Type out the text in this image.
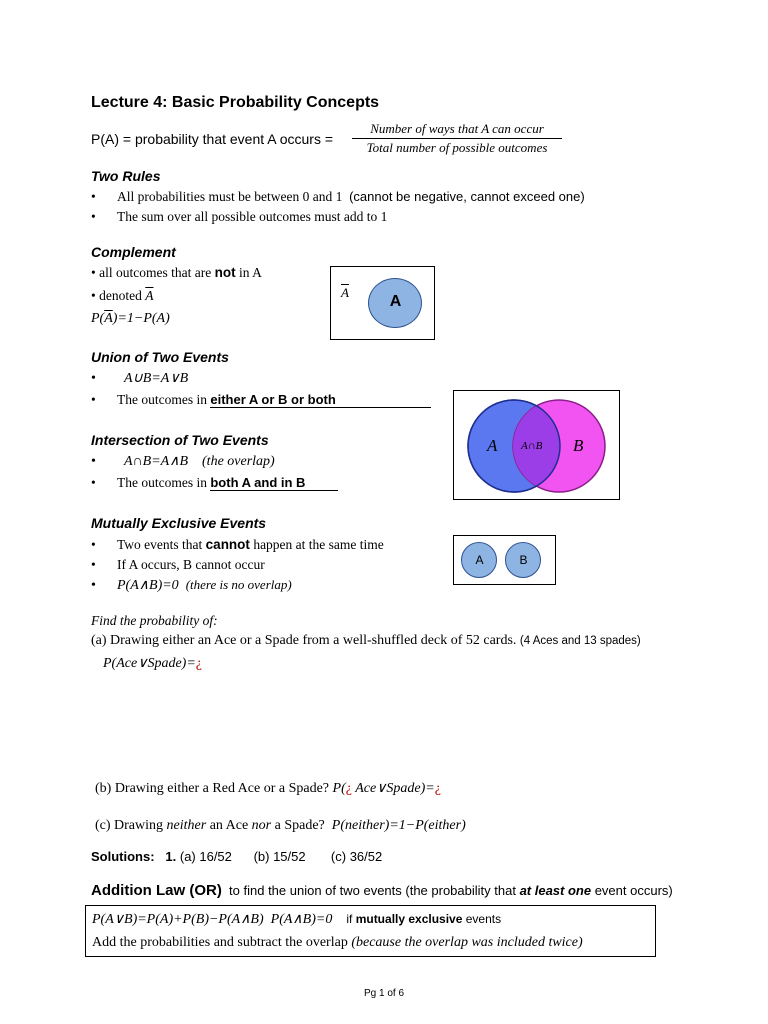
Lecture 4: Basic Probability Concepts
P(A) = probability that event A occurs =
Number of ways that A can occur
Total number of possible outcomes
Two Rules
• All probabilities must be between 0 and 1 (cannot be negative, cannot exceed one)
• The sum over all possible outcomes must add to 1
Complement
• all outcomes that are not in A
• denoted $\overline{A}$
$P(\overline{A})=1-P(A)$
$\overline{A}$
A
Union of Two Events
• A∪B=A∨B
• The outcomes in either A or B or both
A A∩B B
Intersection of Two Events
• A∩B=A∧B (the overlap)
• The outcomes in both A and in B
Mutually Exclusive Events
• Two events that cannot happen at the same time
• If A occurs, B cannot occur
• P(A∧B)=0 (there is no overlap)
A	B
Find the probability of:
(a) Drawing either an Ace or a Spade from a well-shuffled deck of 52 cards. (4 Aces and 13 spades)
P(Ace∨Spade)=¿
(b) Drawing either a Red Ace or a Spade? P(¿ Ace∨Spade)=¿
(c) Drawing neither an Ace nor a Spade? P(neither)=1−P(either)
Solutions: 1. (a) 16/52 (b) 15/52 (c) 36/52
Addition Law (OR) to find the union of two events (the probability that at least one event occurs)
P(A∨B)=P(A)+P(B)−P(A∧B) P(A∧B)=0 if mutually exclusive events
Add the probabilities and subtract the overlap (because the overlap was included twice)
Pg 1 of 6
